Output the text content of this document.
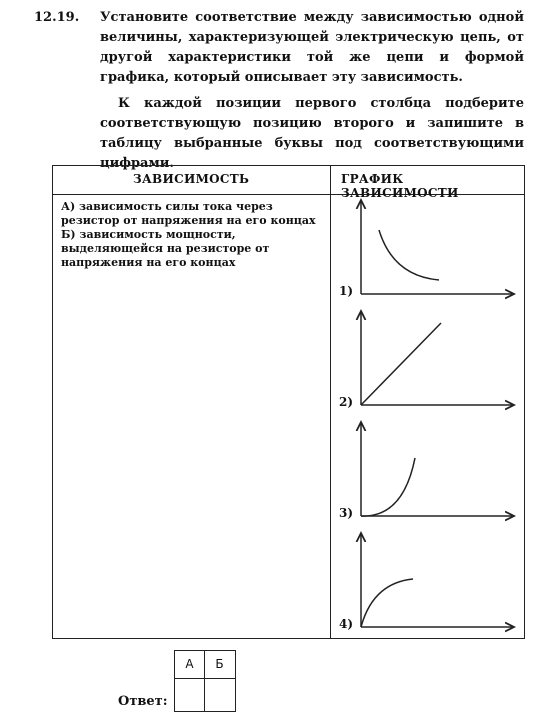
12.19. Установите соответствие между зависимостью одной величины, характеризующей электрическую цепь, от другой характеристики той же цепи и формой графика, который описывает эту зависимость.
К каждой позиции первого столбца подберите соответствующую позицию второго и запишите в таблицу выбранные буквы под соответствующими цифрами.
ЗАВИСИМОСТЬ	ГРАФИК ЗАВИСИМОСТИ

А) зависимость силы тока через резистор от напряжения на его концах

Б) зависимость мощности, выделяющейся на резисторе от напряжения на его концах

1)
2)
3)
4)
Ответ:
А	Б
